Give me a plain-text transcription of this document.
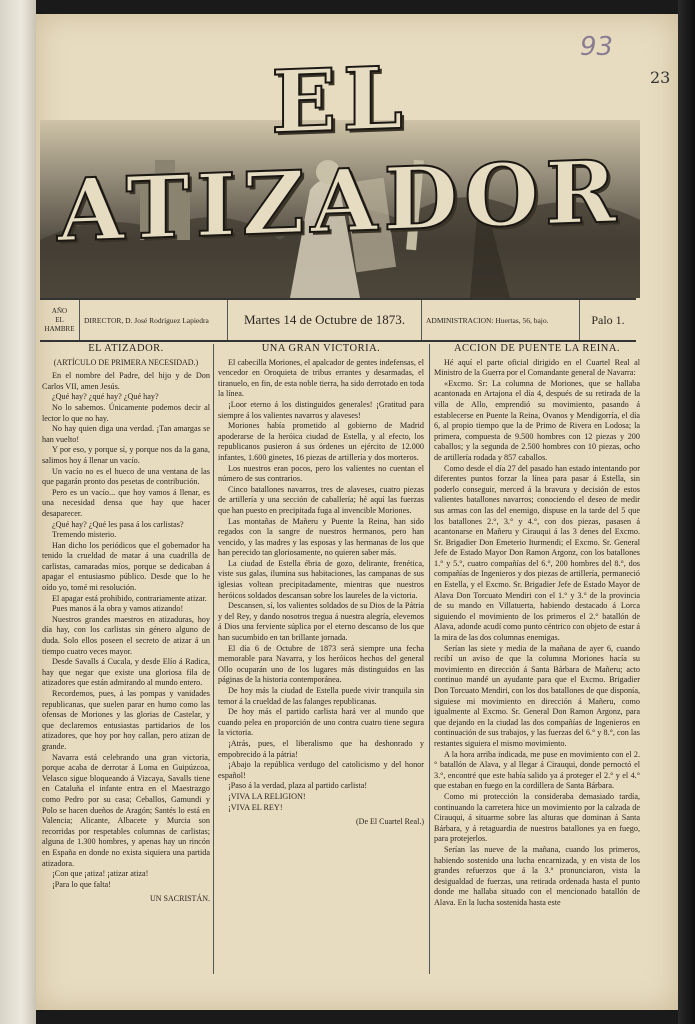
93
23
EL ATIZADOR
AÑO
EL HAMBRE
DIRECTOR, D. José Rodríguez Lapiedra	Martes 14 de Octubre de 1873.	ADMINISTRACION: Huertas, 56, bajo.	Palo 1.
EL ATIZADOR.
(ARTÍCULO DE PRIMERA NECESIDAD.)

En el nombre del Padre, del hijo y de Don Carlos VII, amen Jesús.

¿Qué hay? ¿qué hay? ¿Qué hay?

No lo sabemos. Únicamente podemos decir al lector lo que no hay.

No hay quien diga una verdad. ¡Tan amargas se han vuelto!

Y por eso, y porque sí, y porque nos da la gana, salimos hoy á llenar un vacío.

Un vacío no es el hueco de una ventana de las que pagarán pronto dos pesetas de contribución.

Pero es un vacío... que hoy vamos á llenar, es una necesidad densa que hay que hacer desaparecer.

¿Qué hay? ¿Qué les pasa á los carlistas?

Tremendo misterio.

Han dicho los periódicos que el gobernador ha tenido la crueldad de matar á una cuadrilla de carlistas, camaradas míos, porque se dedicaban á apagar el entusiasmo público. Desde que lo he oído yo, tomé mi resolución.

El apagar está prohibido, contrariamente atizar.

Pues manos á la obra y vamos atizando!

Nuestros grandes maestros en atizaduras, hoy día hay, con los carlistas sin género alguno de duda. Solo ellos poseen el secreto de atizar á un tiempo cuatro veces mayor.

Desde Savalls á Cucala, y desde Elío á Radica, hay que negar que existe una gloriosa fila de atizadores que están admirando al mundo entero.

Recordemos, pues, á las pompas y vanidades republicanas, que suelen parar en humo como las ofensas de Moriones y las glorias de Castelar, y que declaremos entusiastas partidarios de los atizadores, que hoy por hoy callan, pero atizan de grande.

Navarra está celebrando una gran victoria, porque acaba de derrotar á Loma en Guipúzcoa, Velasco sigue bloqueando á Vizcaya, Savalls tiene en Cataluña el infante entra en el Maestrazgo como Pedro por su casa; Ceballos, Gamundi y Polo se hacen dueños de Aragón; Santés lo está en Valencia; Alicante, Albacete y Murcia son recorridas por respetables columnas de carlistas; alguna de 1.300 hombres, y apenas hay un rincón en España en donde no exista siquiera una partida atizadora.

¡Con que ¡atiza! ¡atizar atiza!

¡Para lo que falta!

UN SACRISTÁN.
UNA GRAN VICTORIA.

El cabecilla Moriones, el apalcador de gentes indefensas, el vencedor en Oroquieta de tribus errantes y desarmadas, el tiranuelo, en fin, de esta noble tierra, ha sido derrotado en toda la línea.

¡Loor eterno á los distinguidos generales! ¡Gratitud para siempre á los valientes navarros y alaveses!

Moriones había prometido al gobierno de Madrid apoderarse de la heróica ciudad de Estella, y al efecto, los republicanos pusieron á sus órdenes un ejército de 12.000 infantes, 1.600 ginetes, 16 piezas de artillería y dos morteros.

Los nuestros eran pocos, pero los valientes no cuentan el número de sus contrarios.

Cinco batallones navarros, tres de alaveses, cuatro piezas de artillería y una sección de caballería; hé aquí las fuerzas que han puesto en precipitada fuga al invencible Moriones.

Las montañas de Mañeru y Puente la Reina, han sido regados con la sangre de nuestros hermanos, pero han vencido, y las madres y las esposas y las hermanas de los que han perecido tan gloriosamente, no quieren saber más.

La ciudad de Estella ébria de gozo, delirante, frenética, viste sus galas, ilumina sus habitaciones, las campanas de sus iglesias voltean precipitadamente, mientras que nuestros heróicos soldados descansan sobre los laureles de la victoria.

Descansen, sí, los valientes soldados de su Dios de la Pátria y del Rey, y dando nosotros tregua á nuestra alegría, elevemos á Dios una ferviente súplica por el eterno descanso de los que han sucumbido en tan brillante jornada.

El día 6 de Octubre de 1873 será siempre una fecha memorable para Navarra, y los heróicos hechos del general Ollo ocuparán uno de los lugares más distinguidos en las páginas de la historia contemporánea.

De hoy más la ciudad de Estella puede vivir tranquila sin temor á la crueldad de las falanges republicanas.

De hoy más el partido carlista hará ver al mundo que cuando pelea en proporción de uno contra cuatro tiene segura la victoria.

¡Atrás, pues, el liberalismo que ha deshonrado y empobrecido á la pátria!

¡Abajo la república verdugo del catolicismo y del honor español!

¡Paso á la verdad, plaza al partido carlista!

¡VIVA LA RELIGION!

¡VIVA EL REY!

(De El Cuartel Real.)
ACCION DE PUENTE LA REINA.

Hé aquí el parte oficial dirigido en el Cuartel Real al Ministro de la Guerra por el Comandante general de Navarra:

«Excmo. Sr: La columna de Moriones, que se hallaba acantonada en Artajona el día 4, después de su retirada de la villa de Allo, emprendió su movimiento, pasando á establecerse en Puente la Reina, Ovanos y Mendigorría, el día 6, al propio tiempo que la de Primo de Rivera en Lodosa; la primera, compuesta de 9.500 hombres con 12 piezas y 200 caballos; y la segunda de 2.500 hombres con 10 piezas, ocho de artillería rodada y 857 caballos.

Como desde el día 27 del pasado han estado intentando por diferentes puntos forzar la línea para pasar á Estella, sin poderlo conseguir, merced á la bravura y decisión de estos valientes batallones navarros; conociendo el deseo de medir sus armas con las del enemigo, dispuse en la tarde del 5 que los batallones 2.°, 3.° y 4.°, con dos piezas, pasasen á acantonarse en Mañeru y Cirauqui á las 3 denes del Excmo. Sr. Brigadier Don Emeterio Iturmendi; el Excmo. Sr. General Jefe de Estado Mayor Don Ramon Argonz, con los batallones 1.° y 5.°, cuatro compañías del 6.°, 200 hombres del 8.°, dos compañías de Ingenieros y dos piezas de artillería, permaneció en Estella, y el Excmo. Sr. Brigadier Jefe de Estado Mayor de Alava Don Torcuato Mendiri con el 1.° y 3.° de la provincia de su mando en Villatuerta, habiendo destacado á Lorca siguiendo el movimiento de los primeros el 2.° batallón de Alava, adonde acudí como punto céntrico con objeto de estar á la mira de las dos columnas enemigas.

Serían las siete y media de la mañana de ayer 6, cuando recibí un aviso de que la columna Moriones hacía su movimiento en dirección á Santa Bárbara de Mañeru; acto continuo mandé un ayudante para que el Excmo. Brigadier Don Torcuato Mendiri, con los dos batallones de que disponía, siguiese mi movimiento en dirección á Mañeru, como igualmente al Excmo. Sr. General Don Ramon Argonz, para que dejando en la ciudad las dos compañías de Ingenieros en continuación de sus trabajos, y las fuerzas del 6.° y 8.°, con las restantes siguiera el mismo movimiento.

A la hora arriba indicada, me puse en movimiento con el 2.° batallón de Alava, y al llegar á Cirauqui, donde pernoctó el 3.°, encontré que este había salido ya á proteger el 2.° y el 4.° que estaban en fuego en la cordillera de Santa Bárbara.

Como mi protección la consideraba demasiado tardía, continuando la carretera hice un movimiento por la calzada de Cirauqui, á situarme sobre las alturas que dominan á Santa Bárbara, y á retaguardia de nuestros batallones ya en fuego, para protejerlos.

Serían las nueve de la mañana, cuando los primeros, habiendo sostenido una lucha encarnizada, y en vista de los grandes refuerzos que á la 3.ª pronunciaron, vista la desigualdad de fuerzas, una retirada ordenada hasta el punto donde me hallaba situado con el mencionado batallón de Alava. En la lucha sostenida hasta este
